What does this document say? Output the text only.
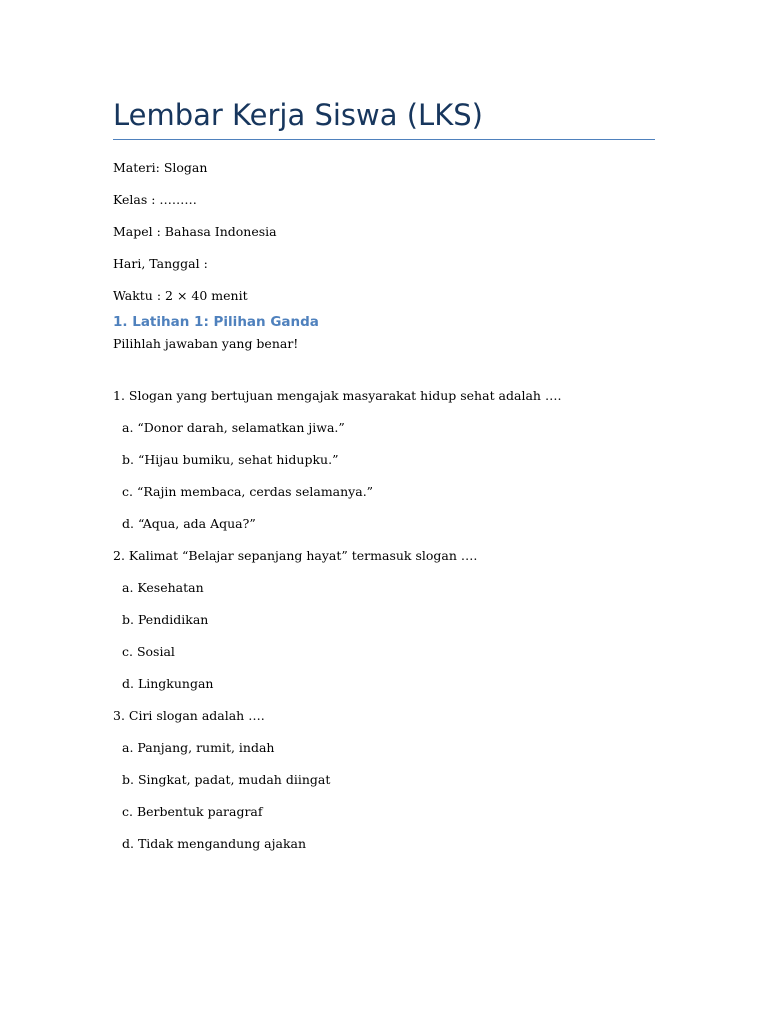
Lembar Kerja Siswa (LKS)
Materi: Slogan
Kelas : ………
Mapel : Bahasa Indonesia
Hari, Tanggal :
Waktu : 2 × 40 menit
1. Latihan 1: Pilihan Ganda
Pilihlah jawaban yang benar!
1. Slogan yang bertujuan mengajak masyarakat hidup sehat adalah ….
a. “Donor darah, selamatkan jiwa.”
b. “Hijau bumiku, sehat hidupku.”
c. “Rajin membaca, cerdas selamanya.”
d. “Aqua, ada Aqua?”
2. Kalimat “Belajar sepanjang hayat” termasuk slogan ….
a. Kesehatan
b. Pendidikan
c. Sosial
d. Lingkungan
3. Ciri slogan adalah ….
a. Panjang, rumit, indah
b. Singkat, padat, mudah diingat
c. Berbentuk paragraf
d. Tidak mengandung ajakan
